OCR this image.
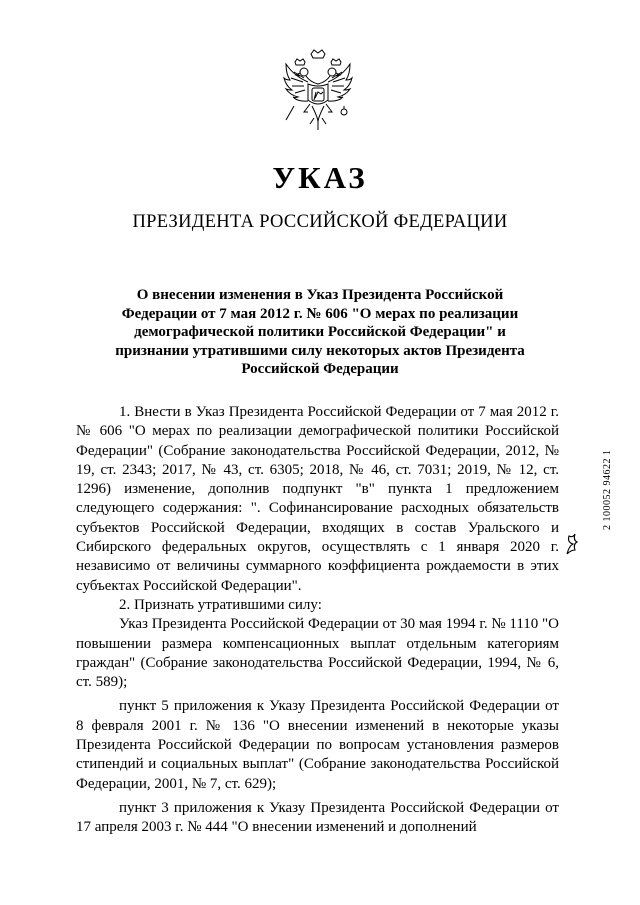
УКАЗ
ПРЕЗИДЕНТА РОССИЙСКОЙ ФЕДЕРАЦИИ
О внесении изменения в Указ Президента Российской Федерации от 7 мая 2012 г. № 606 "О мерах по реализации демографической политики Российской Федерации" и признании утратившими силу некоторых актов Президента Российской Федерации

1. Внести в Указ Президента Российской Федерации от 7 мая 2012 г. № 606 "О мерах по реализации демографической политики Российской Федерации" (Собрание законодательства Российской Федерации, 2012, № 19, ст. 2343; 2017, № 43, ст. 6305; 2018, № 46, ст. 7031; 2019, № 12, ст. 1296) изменение, дополнив подпункт "в" пункта 1 предложением следующего содержания: ". Софинансирование расходных обязательств субъектов Российской Федерации, входящих в состав Уральского и Сибирского федеральных округов, осуществлять с 1 января 2020 г. независимо от величины суммарного коэффициента рождаемости в этих субъектах Российской Федерации".

2. Признать утратившими силу:

Указ Президента Российской Федерации от 30 мая 1994 г. № 1110 "О повышении размера компенсационных выплат отдельным категориям граждан" (Собрание законодательства Российской Федерации, 1994, № 6, ст. 589);

пункт 5 приложения к Указу Президента Российской Федерации от 8 февраля 2001 г. № 136 "О внесении изменений в некоторые указы Президента Российской Федерации по вопросам установления размеров стипендий и социальных выплат" (Собрание законодательства Российской Федерации, 2001, № 7, ст. 629);

пункт 3 приложения к Указу Президента Российской Федерации от 17 апреля 2003 г. № 444 "О внесении изменений и дополнений

2 100052 94622 1
